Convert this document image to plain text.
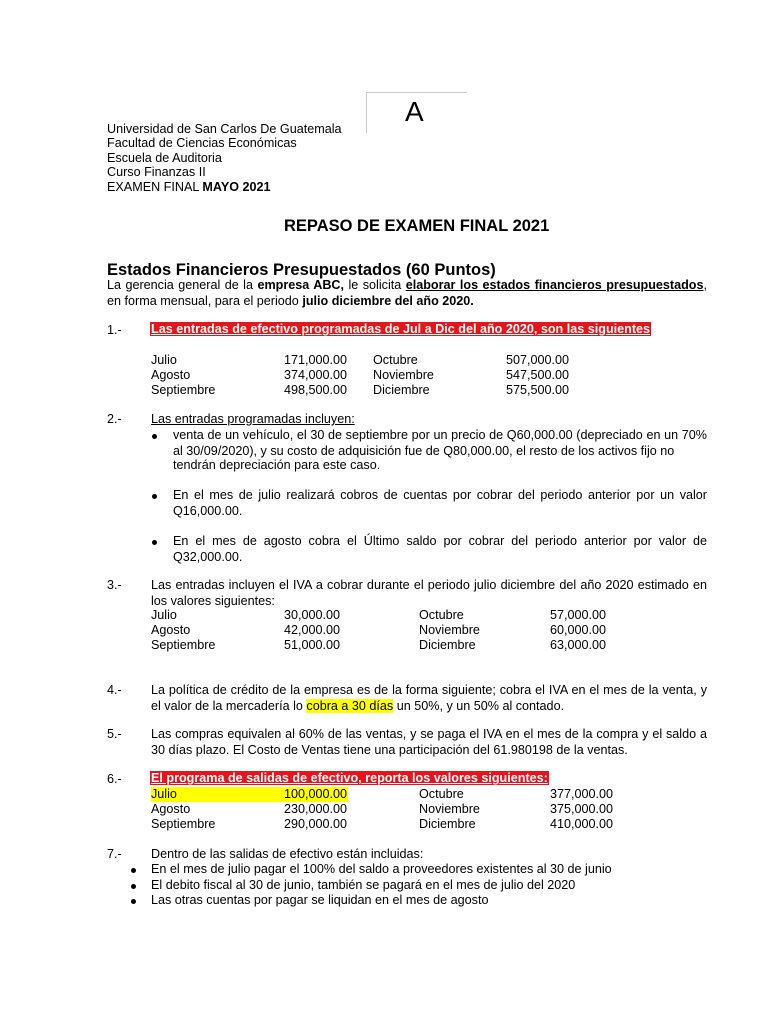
A
Universidad de San Carlos De Guatemala
Facultad de Ciencias Económicas
Escuela de Auditoria
Curso Finanzas II
EXAMEN FINAL MAYO 2021
REPASO DE EXAMEN FINAL 2021
Estados Financieros Presupuestados (60 Puntos)
La gerencia general de la empresa ABC, le solicita elaborar los estados financieros presupuestados, en forma mensual, para el periodo julio diciembre del año 2020.
1.- Las entradas de efectivo programadas de Jul a Dic del año 2020, son las siguientes
Julio	171,000.00 Octubre	507,000.00
Agosto	374,000.00 Noviembre	547,500.00
Septiembre	498,500.00 Diciembre	575,500.00
2.- Las entradas programadas incluyen:
venta de un vehículo, el 30 de septiembre por un precio de Q60,000.00 (depreciado en un 70% al 30/09/2020), y su costo de adquisición fue de Q80,000.00, el resto de los activos fijo no
tendrán depreciación para este caso.
En el mes de julio realizará cobros de cuentas por cobrar del periodo anterior por un valor Q16,000.00.
En el mes de agosto cobra el Último saldo por cobrar del periodo anterior por valor de Q32,000.00.
3.- Las entradas incluyen el IVA a cobrar durante el periodo julio diciembre del año 2020 estimado en los valores siguientes:
Julio	30,000.00	Octubre	57,000.00
Agosto	42,000.00	Noviembre	60,000.00
Septiembre	51,000.00	Diciembre	63,000.00
4.- La política de crédito de la empresa es de la forma siguiente; cobra el IVA en el mes de la venta, y el valor de la mercadería lo cobra a 30 días un 50%, y un 50% al contado.
5.- Las compras equivalen al 60% de las ventas, y se paga el IVA en el mes de la compra y el saldo a 30 días plazo. El Costo de Ventas tiene una participación del 61.980198 de la ventas.
6.- El programa de salidas de efectivo, reporta los valores siguientes:

Julio	100,000.00	Octubre	377,000.00
Agosto	230,000.00	Noviembre	375,000.00
Septiembre	290,000.00	Diciembre	410,000.00
7.- Dentro de las salidas de efectivo están incluidas:
En el mes de julio pagar el 100% del saldo a proveedores existentes al 30 de junio
El debito fiscal al 30 de junio, también se pagará en el mes de julio del 2020
Las otras cuentas por pagar se liquidan en el mes de agosto
